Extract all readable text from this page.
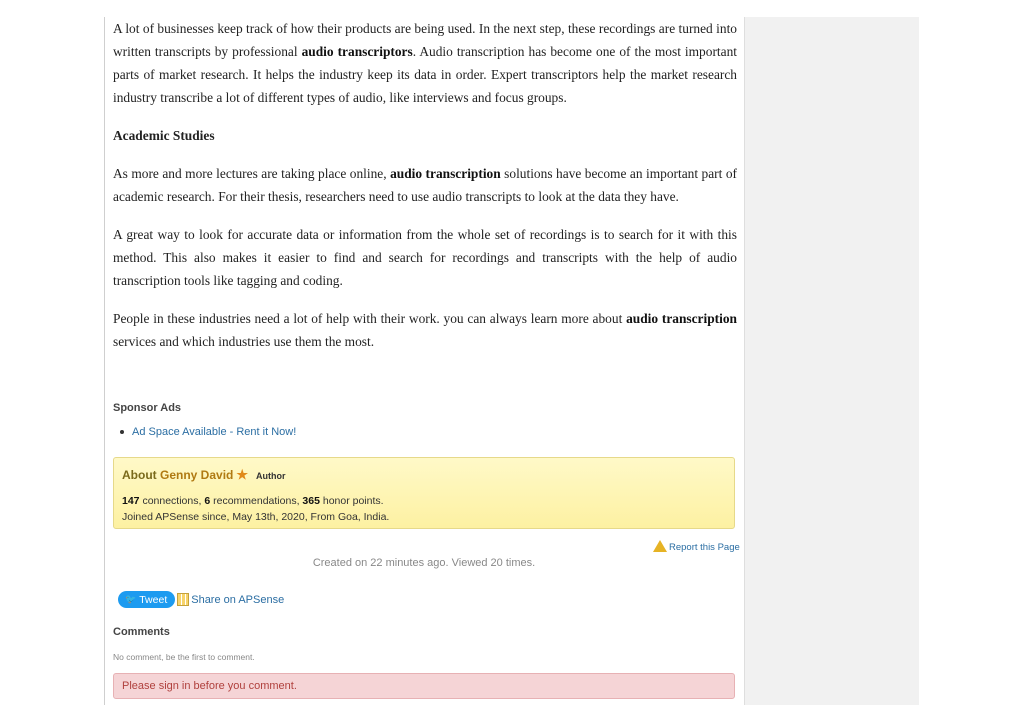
A lot of businesses keep track of how their products are being used. In the next step, these recordings are turned into written transcripts by professional audio transcriptors. Audio transcription has become one of the most important parts of market research. It helps the industry keep its data in order. Expert transcriptors help the market research industry transcribe a lot of different types of audio, like interviews and focus groups.

Academic Studies

As more and more lectures are taking place online, audio transcription solutions have become an important part of academic research. For their thesis, researchers need to use audio transcripts to look at the data they have.

A great way to look for accurate data or information from the whole set of recordings is to search for it with this method. This also makes it easier to find and search for recordings and transcripts with the help of audio transcription tools like tagging and coding.

People in these industries need a lot of help with their work. you can always learn more about audio transcription services and which industries use them the most.

Sponsor Ads
Ad Space Available - Rent it Now!
About Genny David ★ Author
147 connections, 6 recommendations, 365 honor points.
Joined APSense since, May 13th, 2020, From Goa, India.
Report this Page
Created on 22 minutes ago. Viewed 20 times.
🐦 Tweet Share on APSense
Comments
No comment, be the first to comment.
Please sign in before you comment.
